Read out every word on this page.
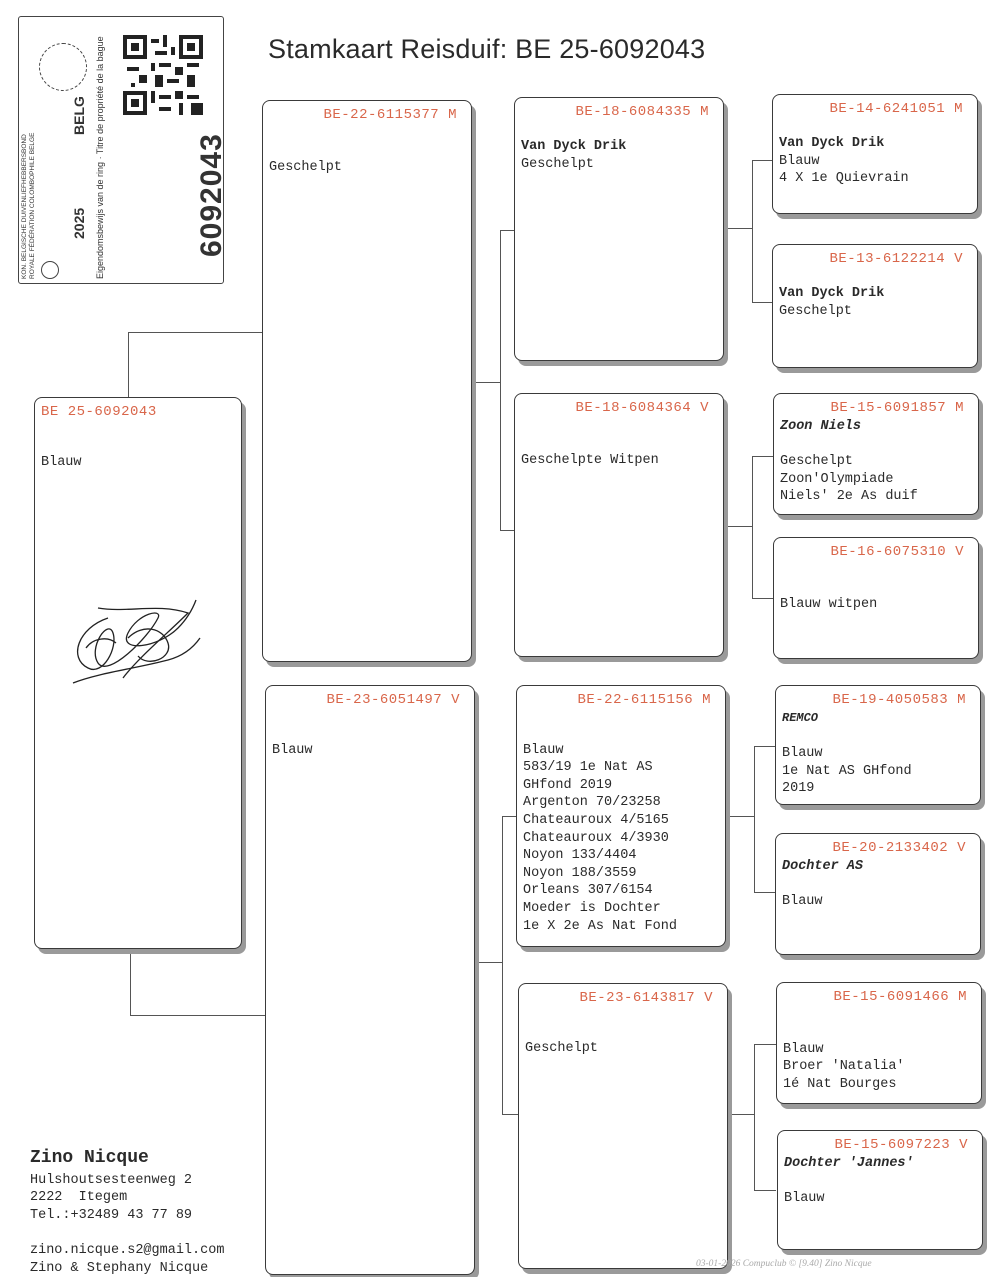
Stamkaart Reisduif: BE 25-6092043
KON. BELGISCHE DUIVENLIEFHEBBERSBOND ROYALE FÉDÉRATION COLOMBOPHILE BELGE	2025
BELG Eigendomsbewijs van de ring · Titre de propriété de la bague	6092043
BE 25-6092043
Blauw
BE-22-6115377 M
Geschelpt
BE-23-6051497 V
Blauw
BE-18-6084335 M
Van Dyck Drik
Geschelpt
BE-18-6084364 V
Geschelpte Witpen
BE-22-6115156 M
Blauw
583/19 1e Nat AS
GHfond 2019
Argenton 70/23258
Chateauroux 4/5165
Chateauroux 4/3930
Noyon 133/4404
Noyon 188/3559
Orleans 307/6154
Moeder is Dochter
1e X 2e As Nat Fond
BE-23-6143817 V
Geschelpt
BE-14-6241051 M
Van Dyck Drik
Blauw
4 X 1e Quievrain
BE-13-6122214 V
Van Dyck Drik
Geschelpt
BE-15-6091857 M
Zoon Niels
Geschelpt
Zoon'Olympiade
Niels' 2e As duif
BE-16-6075310 V
Blauw witpen
BE-19-4050583 M
REMCO
Blauw
1e Nat AS GHfond
2019
BE-20-2133402 V
Dochter AS
Blauw
BE-15-6091466 M
Blauw
Broer 'Natalia'
1é Nat Bourges
BE-15-6097223 V
Dochter 'Jannes'
Blauw
Zino Nicque
Hulshoutsesteenweg 2
2222  Itegem
Tel.:+32489 43 77 89
zino.nicque.s2@gmail.com
Zino & Stephany Nicque	03-01-2026 Compuclub © [9.40] Zino Nicque
